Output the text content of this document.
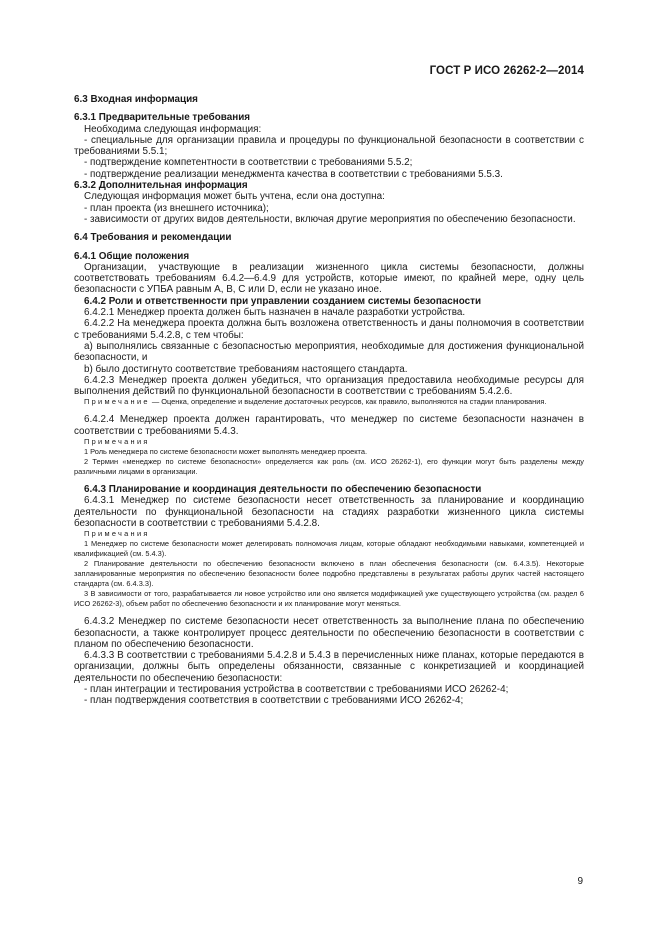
ГОСТ Р ИСО 26262-2—2014

6.3 Входная информация

6.3.1 Предварительные требования

Необходима следующая информация:

- специальные для организации правила и процедуры по функциональной безопасности в соответствии с требованиями 5.5.1;

- подтверждение компетентности в соответствии с требованиями 5.5.2;

- подтверждение реализации менеджмента качества в соответствии с требованиями 5.5.3.

6.3.2 Дополнительная информация

Следующая информация может быть учтена, если она доступна:

- план проекта (из внешнего источника);

- зависимости от других видов деятельности, включая другие мероприятия по обеспечению безопасности.

6.4 Требования и рекомендации

6.4.1 Общие положения

Организации, участвующие в реализации жизненного цикла системы безопасности, должны соответствовать требованиям 6.4.2—6.4.9 для устройств, которые имеют, по крайней мере, одну цель безопасности с УПБА равным A, B, C или D, если не указано иное.

6.4.2 Роли и ответственности при управлении созданием системы безопасности

6.4.2.1 Менеджер проекта должен быть назначен в начале разработки устройства.

6.4.2.2 На менеджера проекта должна быть возложена ответственность и даны полномочия в соответствии с требованиями 5.4.2.8, с тем чтобы:

a) выполнялись связанные с безопасностью мероприятия, необходимые для достижения функциональной безопасности, и

b) было достигнуто соответствие требованиям настоящего стандарта.

6.4.2.3 Менеджер проекта должен убедиться, что организация предоставила необходимые ресурсы для выполнения действий по функциональной безопасности в соответствии с требованиям 5.4.2.6.

Примечание — Оценка, определение и выделение достаточных ресурсов, как правило, выполняются на стадии планирования.

6.4.2.4 Менеджер проекта должен гарантировать, что менеджер по системе безопасности назначен в соответствии с требованиями 5.4.3.

Примечания

1 Роль менеджера по системе безопасности может выполнять менеджер проекта.

2 Термин «менеджер по системе безопасности» определяется как роль (см. ИСО 26262-1), его функции могут быть разделены между различными лицами в организации.

6.4.3 Планирование и координация деятельности по обеспечению безопасности

6.4.3.1 Менеджер по системе безопасности несет ответственность за планирование и координацию деятельности по функциональной безопасности на стадиях разработки жизненного цикла системы безопасности в соответствии с требованиями 5.4.2.8.

Примечания

1 Менеджер по системе безопасности может делегировать полномочия лицам, которые обладают необходимыми навыками, компетенцией и квалификацией (см. 5.4.3).

2 Планирование деятельности по обеспечению безопасности включено в план обеспечения безопасности (см. 6.4.3.5). Некоторые запланированные мероприятия по обеспечению безопасности более подробно представлены в результатах работы других частей настоящего стандарта (см. 6.4.3.3).

3 В зависимости от того, разрабатывается ли новое устройство или оно является модификацией уже существующего устройства (см. раздел 6 ИСО 26262-3), объем работ по обеспечению безопасности и их планирование могут меняться.

6.4.3.2 Менеджер по системе безопасности несет ответственность за выполнение плана по обеспечению безопасности, а также контролирует процесс деятельности по обеспечению безопасности в соответствии с планом по обеспечению безопасности.

6.4.3.3 В соответствии с требованиями 5.4.2.8 и 5.4.3 в перечисленных ниже планах, которые передаются в организации, должны быть определены обязанности, связанные с конкретизацией и координацией деятельности по обеспечению безопасности:

- план интеграции и тестирования устройства в соответствии с требованиями ИСО 26262-4;

- план подтверждения соответствия в соответствии с требованиями ИСО 26262-4;

9
